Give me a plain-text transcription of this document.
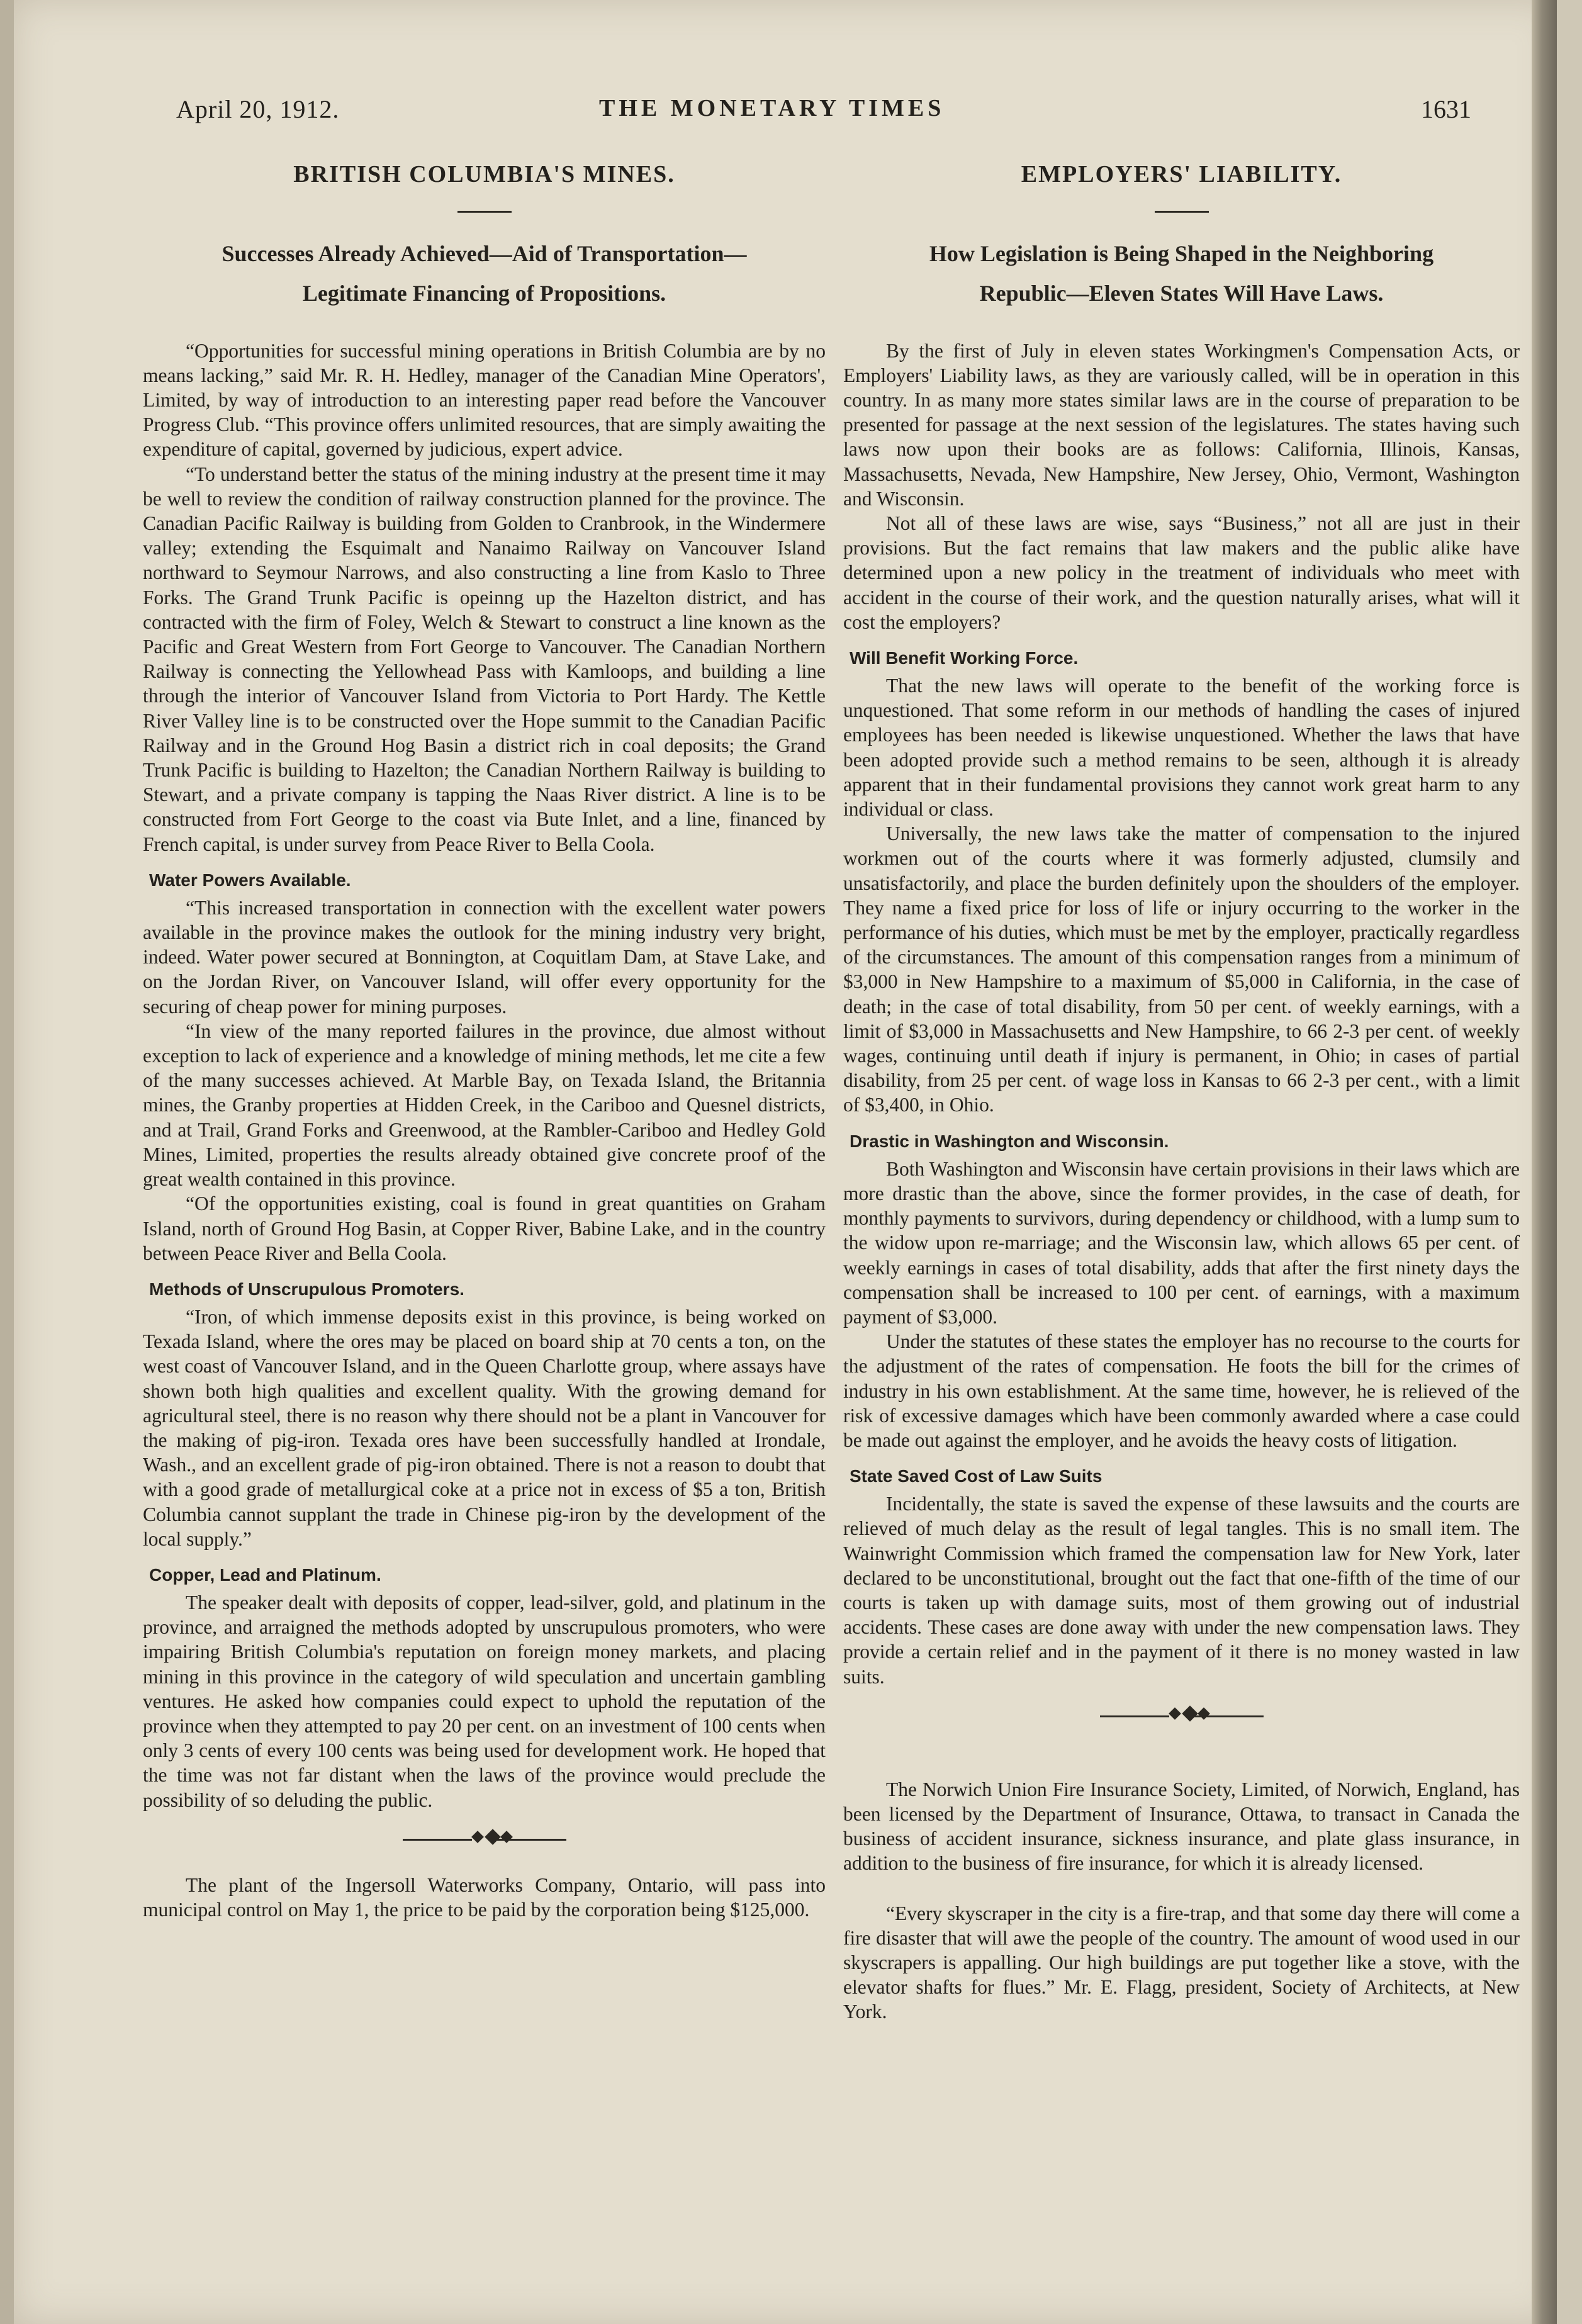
April 20, 1912.	THE MONETARY TIMES	1631
BRITISH COLUMBIA'S MINES.
Successes Already Achieved—Aid of Transportation—
Legitimate Financing of Propositions.

“Opportunities for successful mining operations in British Columbia are by no means lacking,” said Mr. R. H. Hedley, manager of the Canadian Mine Operators', Limited, by way of introduction to an interesting paper read before the Vancouver Progress Club. “This province offers unlimited resources, that are simply awaiting the expenditure of capital, governed by judicious, expert advice.

“To understand better the status of the mining industry at the present time it may be well to review the condition of railway construction planned for the province. The Canadian Pacific Railway is building from Golden to Cranbrook, in the Windermere valley; extending the Esquimalt and Nanaimo Railway on Vancouver Island northward to Seymour Narrows, and also constructing a line from Kaslo to Three Forks. The Grand Trunk Pacific is opeinng up the Hazelton district, and has contracted with the firm of Foley, Welch & Stewart to construct a line known as the Pacific and Great Western from Fort George to Vancouver. The Canadian Northern Railway is connecting the Yellowhead Pass with Kamloops, and building a line through the interior of Vancouver Island from Victoria to Port Hardy. The Kettle River Valley line is to be constructed over the Hope summit to the Canadian Pacific Railway and in the Ground Hog Basin a district rich in coal deposits; the Grand Trunk Pacific is building to Hazelton; the Canadian Northern Railway is building to Stewart, and a private company is tapping the Naas River district. A line is to be constructed from Fort George to the coast via Bute Inlet, and a line, financed by French capital, is under survey from Peace River to Bella Coola.

Water Powers Available.

“This increased transportation in connection with the excellent water powers available in the province makes the outlook for the mining industry very bright, indeed. Water power secured at Bonnington, at Coquitlam Dam, at Stave Lake, and on the Jordan River, on Vancouver Island, will offer every opportunity for the securing of cheap power for mining purposes.

“In view of the many reported failures in the province, due almost without exception to lack of experience and a knowledge of mining methods, let me cite a few of the many successes achieved. At Marble Bay, on Texada Island, the Britannia mines, the Granby properties at Hidden Creek, in the Cariboo and Quesnel districts, and at Trail, Grand Forks and Greenwood, at the Rambler-Cariboo and Hedley Gold Mines, Limited, properties the results already obtained give concrete proof of the great wealth contained in this province.

“Of the opportunities existing, coal is found in great quantities on Graham Island, north of Ground Hog Basin, at Copper River, Babine Lake, and in the country between Peace River and Bella Coola.

Methods of Unscrupulous Promoters.

“Iron, of which immense deposits exist in this province, is being worked on Texada Island, where the ores may be placed on board ship at 70 cents a ton, on the west coast of Vancouver Island, and in the Queen Charlotte group, where assays have shown both high qualities and excellent quality. With the growing demand for agricultural steel, there is no reason why there should not be a plant in Vancouver for the making of pig-iron. Texada ores have been successfully handled at Irondale, Wash., and an excellent grade of pig-iron obtained. There is not a reason to doubt that with a good grade of metallurgical coke at a price not in excess of $5 a ton, British Columbia cannot supplant the trade in Chinese pig-iron by the development of the local supply.”

Copper, Lead and Platinum.

The speaker dealt with deposits of copper, lead-silver, gold, and platinum in the province, and arraigned the methods adopted by unscrupulous promoters, who were impairing British Columbia's reputation on foreign money markets, and placing mining in this province in the category of wild speculation and uncertain gambling ventures. He asked how companies could expect to uphold the reputation of the province when they attempted to pay 20 per cent. on an investment of 100 cents when only 3 cents of every 100 cents was being used for development work. He hoped that the time was not far distant when the laws of the province would preclude the possibility of so deluding the public.

The plant of the Ingersoll Waterworks Company, Ontario, will pass into municipal control on May 1, the price to be paid by the corporation being $125,000.

EMPLOYERS' LIABILITY.
How Legislation is Being Shaped in the Neighboring
Republic—Eleven States Will Have Laws.

By the first of July in eleven states Workingmen's Compensation Acts, or Employers' Liability laws, as they are variously called, will be in operation in this country. In as many more states similar laws are in the course of preparation to be presented for passage at the next session of the legislatures. The states having such laws now upon their books are as follows: California, Illinois, Kansas, Massachusetts, Nevada, New Hampshire, New Jersey, Ohio, Vermont, Washington and Wisconsin.

Not all of these laws are wise, says “Business,” not all are just in their provisions. But the fact remains that law makers and the public alike have determined upon a new policy in the treatment of individuals who meet with accident in the course of their work, and the question naturally arises, what will it cost the employers?

Will Benefit Working Force.

That the new laws will operate to the benefit of the working force is unquestioned. That some reform in our methods of handling the cases of injured employees has been needed is likewise unquestioned. Whether the laws that have been adopted provide such a method remains to be seen, although it is already apparent that in their fundamental provisions they cannot work great harm to any individual or class.

Universally, the new laws take the matter of compensation to the injured workmen out of the courts where it was formerly adjusted, clumsily and unsatisfactorily, and place the burden definitely upon the shoulders of the employer. They name a fixed price for loss of life or injury occurring to the worker in the performance of his duties, which must be met by the employer, practically regardless of the circumstances. The amount of this compensation ranges from a minimum of $3,000 in New Hampshire to a maximum of $5,000 in California, in the case of death; in the case of total disability, from 50 per cent. of weekly earnings, with a limit of $3,000 in Massachusetts and New Hampshire, to 66 2-3 per cent. of weekly wages, continuing until death if injury is permanent, in Ohio; in cases of partial disability, from 25 per cent. of wage loss in Kansas to 66 2-3 per cent., with a limit of $3,400, in Ohio.

Drastic in Washington and Wisconsin.

Both Washington and Wisconsin have certain provisions in their laws which are more drastic than the above, since the former provides, in the case of death, for monthly payments to survivors, during dependency or childhood, with a lump sum to the widow upon re-marriage; and the Wisconsin law, which allows 65 per cent. of weekly earnings in cases of total disability, adds that after the first ninety days the compensation shall be increased to 100 per cent. of earnings, with a maximum payment of $3,000.

Under the statutes of these states the employer has no recourse to the courts for the adjustment of the rates of compensation. He foots the bill for the crimes of industry in his own establishment. At the same time, however, he is relieved of the risk of excessive damages which have been commonly awarded where a case could be made out against the employer, and he avoids the heavy costs of litigation.

State Saved Cost of Law Suits

Incidentally, the state is saved the expense of these lawsuits and the courts are relieved of much delay as the result of legal tangles. This is no small item. The Wainwright Commission which framed the compensation law for New York, later declared to be unconstitutional, brought out the fact that one-fifth of the time of our courts is taken up with damage suits, most of them growing out of industrial accidents. These cases are done away with under the new compensation laws. They provide a certain relief and in the payment of it there is no money wasted in law suits.

The Norwich Union Fire Insurance Society, Limited, of Norwich, England, has been licensed by the Department of Insurance, Ottawa, to transact in Canada the business of accident insurance, sickness insurance, and plate glass insurance, in addition to the business of fire insurance, for which it is already licensed.

“Every skyscraper in the city is a fire-trap, and that some day there will come a fire disaster that will awe the people of the country. The amount of wood used in our skyscrapers is appalling. Our high buildings are put together like a stove, with the elevator shafts for flues.” Mr. E. Flagg, president, Society of Architects, at New York.
